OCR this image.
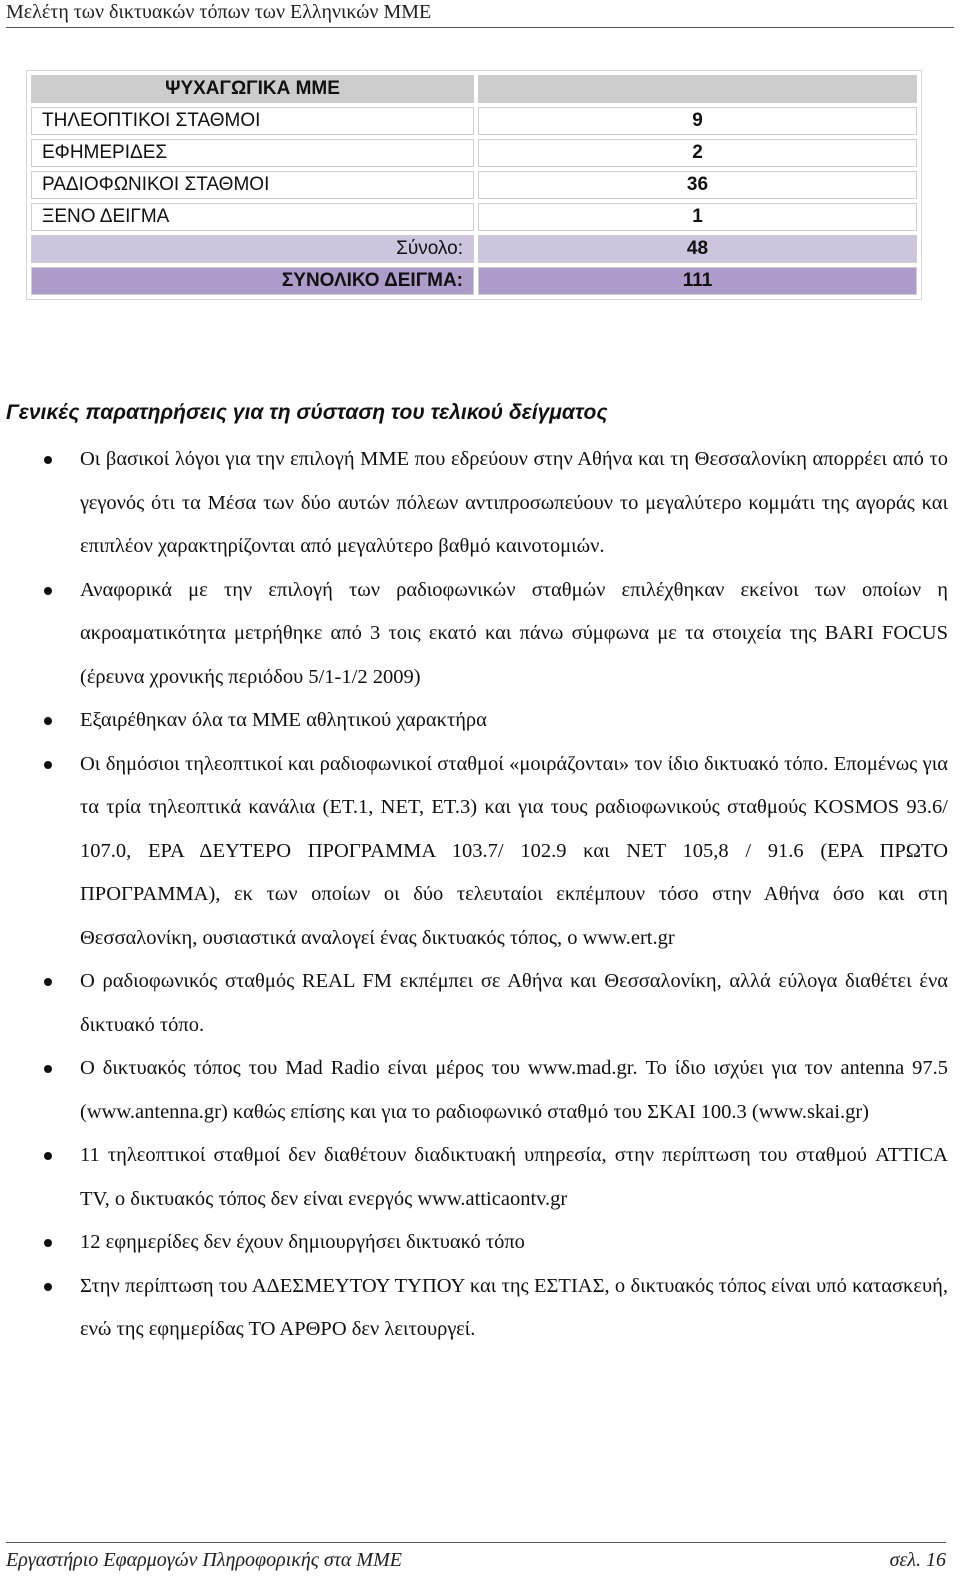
Μελέτη των δικτυακών τόπων των Ελληνικών ΜΜΕ
ΨΥΧΑΓΩΓΙΚΑ ΜΜΕ	
ΤΗΛΕΟΠΤΙΚΟΙ ΣΤΑΘΜΟΙ	9
ΕΦΗΜΕΡΙΔΕΣ	2
ΡΑΔΙΟΦΩΝΙΚΟΙ ΣΤΑΘΜΟΙ	36
ΞΕΝΟ ΔΕΙΓΜΑ	1
Σύνολο:	48
ΣΥΝΟΛΙΚΟ ΔΕΙΓΜΑ:	111
Γενικές παρατηρήσεις για τη σύσταση του τελικού δείγματος
Οι βασικοί λόγοι για την επιλογή ΜΜΕ που εδρεύουν στην Αθήνα και τη Θεσσαλονίκη απορρέει από το γεγονός ότι τα Μέσα των δύο αυτών πόλεων αντιπροσωπεύουν το μεγαλύτερο κομμάτι της αγοράς και επιπλέον χαρακτηρίζονται από μεγαλύτερο βαθμό καινοτομιών.
Αναφορικά με την επιλογή των ραδιοφωνικών σταθμών επιλέχθηκαν εκείνοι των οποίων η ακροαματικότητα μετρήθηκε από 3 τοις εκατό και πάνω σύμφωνα με τα στοιχεία της BARI FOCUS (έρευνα χρονικής περιόδου 5/1-1/2 2009)
Εξαιρέθηκαν όλα τα ΜΜΕ αθλητικού χαρακτήρα
Οι δημόσιοι τηλεοπτικοί και ραδιοφωνικοί σταθμοί «μοιράζονται» τον ίδιο δικτυακό τόπο. Επομένως για τα τρία τηλεοπτικά κανάλια (ΕΤ.1, ΝΕΤ, ΕΤ.3) και για τους ραδιοφωνικούς σταθμούς KOSMOS 93.6/ 107.0, ΕΡΑ ΔΕΥΤΕΡΟ ΠΡΟΓΡΑΜΜΑ 103.7/ 102.9 και ΝΕΤ 105,8 / 91.6 (ΕΡΑ ΠΡΩΤΟ ΠΡΟΓΡΑΜΜΑ), εκ των οποίων οι δύο τελευταίοι εκπέμπουν τόσο στην Αθήνα όσο και στη Θεσσαλονίκη, ουσιαστικά αναλογεί ένας δικτυακός τόπος, ο www.ert.gr
Ο ραδιοφωνικός σταθμός REAL FM εκπέμπει σε Αθήνα και Θεσσαλονίκη, αλλά εύλογα διαθέτει ένα δικτυακό τόπο.
Ο δικτυακός τόπος του Mad Radio είναι μέρος του www.mad.gr. Το ίδιο ισχύει για τον antenna 97.5 (www.antenna.gr) καθώς επίσης και για το ραδιοφωνικό σταθμό του ΣΚΑΙ 100.3 (www.skai.gr)
11 τηλεοπτικοί σταθμοί δεν διαθέτουν διαδικτυακή υπηρεσία, στην περίπτωση του σταθμού ATTICA TV, ο δικτυακός τόπος δεν είναι ενεργός www.atticaontv.gr
12 εφημερίδες δεν έχουν δημιουργήσει δικτυακό τόπο
Στην περίπτωση του ΑΔΕΣΜΕΥΤΟΥ ΤΥΠΟΥ και της ΕΣΤΙΑΣ, ο δικτυακός τόπος είναι υπό κατασκευή, ενώ της εφημερίδας ΤΟ ΑΡΘΡΟ δεν λειτουργεί.
Εργαστήριο Εφαρμογών Πληροφορικής στα ΜΜΕ	σελ. 16
